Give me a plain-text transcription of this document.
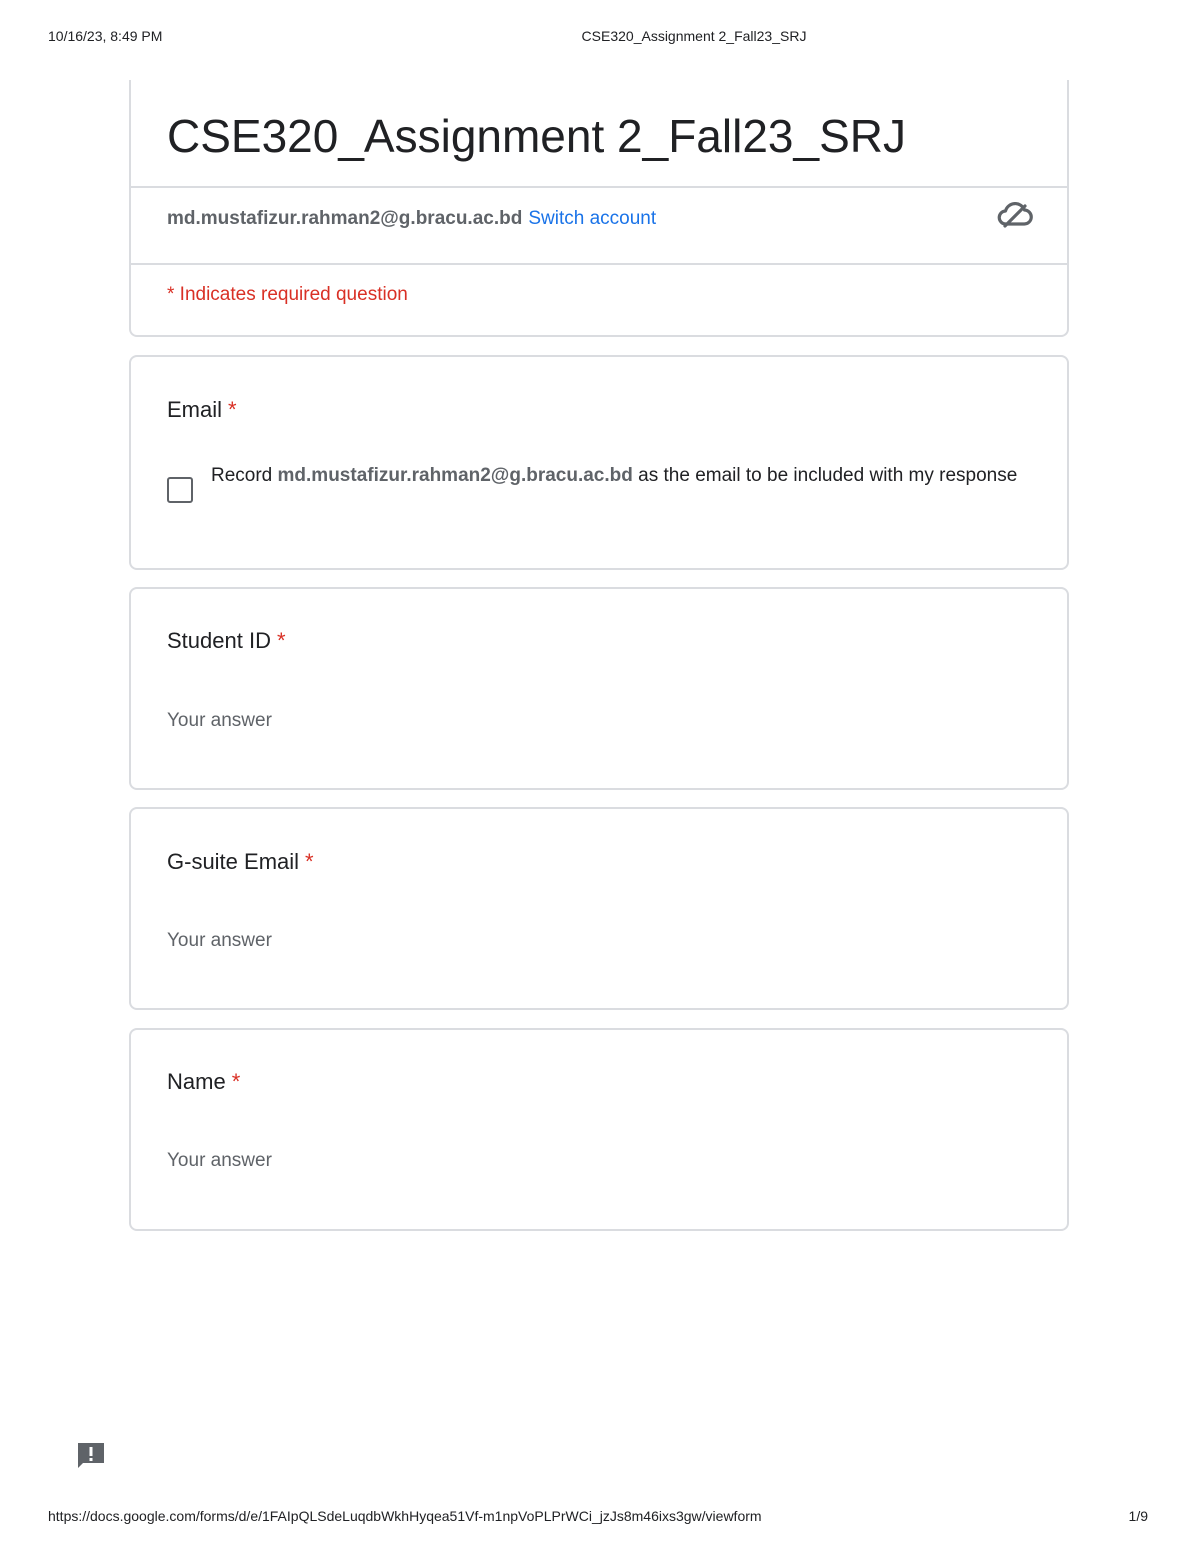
10/16/23, 8:49 PM	CSE320_Assignment 2_Fall23_SRJ
CSE320_Assignment 2_Fall23_SRJ
md.mustafizur.rahman2@g.bracu.ac.bd Switch account
* Indicates required question
Email *
Record md.mustafizur.rahman2@g.bracu.ac.bd as the email to be included with my response
Student ID *
Your answer
G-suite Email *
Your answer
Name *
Your answer
https://docs.google.com/forms/d/e/1FAIpQLSdeLuqdbWkhHyqea51Vf-m1npVoPLPrWCi_jzJs8m46ixs3gw/viewform	1/9
